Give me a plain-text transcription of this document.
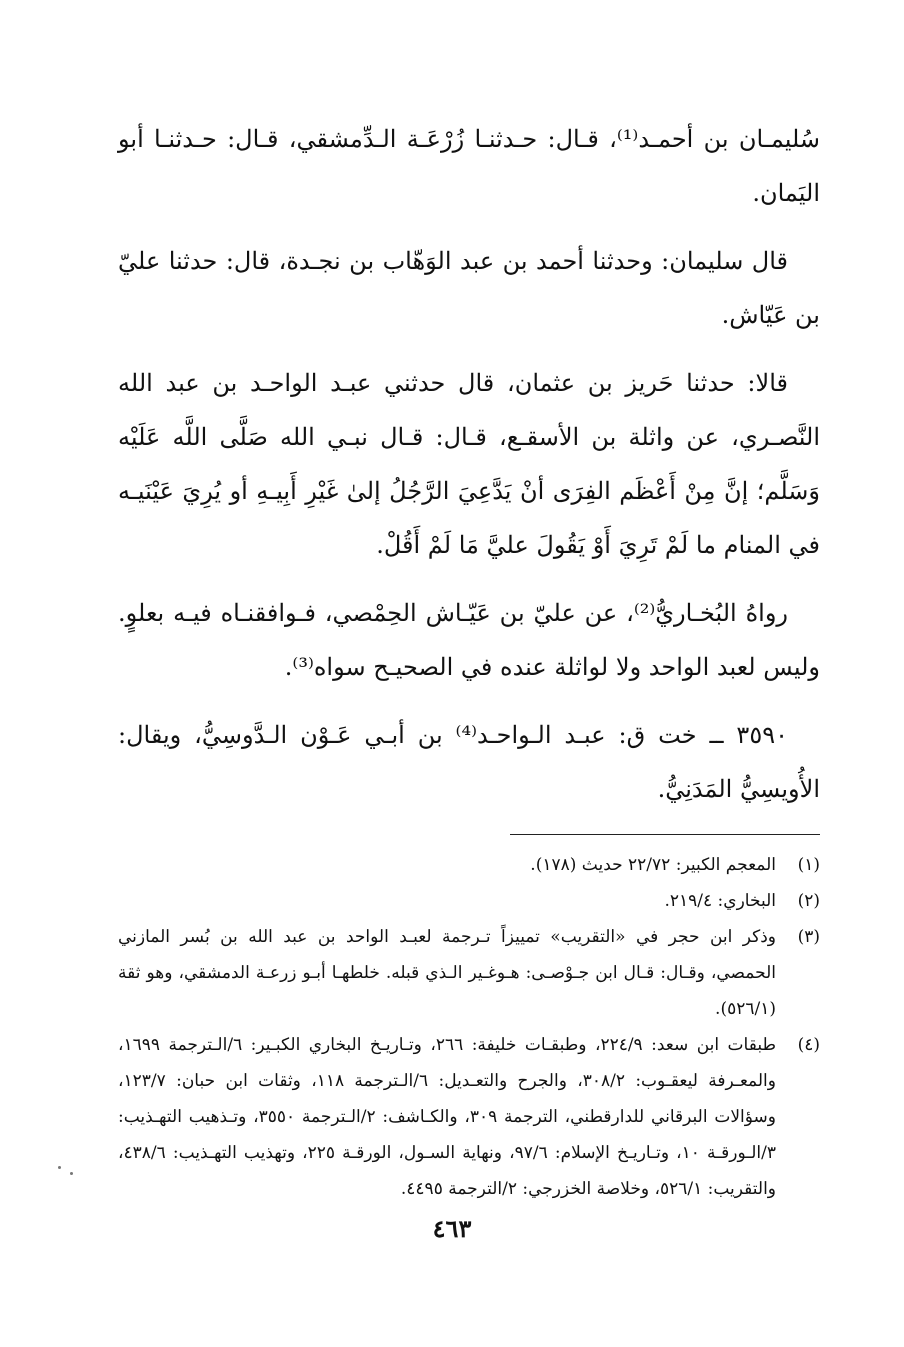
سُليمـان بن أحمـد⁽¹⁾، قـال: حـدثنـا زُرْعَـة الـدِّمشقي، قـال: حـدثنـا أبو اليَمان.

قال سليمان: وحدثنا أحمد بن عبد الوَهّاب بن نجـدة، قال: حدثنا عليّ بن عَيّاش.

قالا: حدثنا حَريز بن عثمان، قال حدثني عبـد الواحـد بن عبد الله النَّصـري، عن واثلة بن الأسقـع، قـال: قـال نبـي الله صَلَّى اللَّه عَلَيْه وَسَلَّم؛ إنَّ مِنْ أَعْظَم الفِرَى أنْ يَدَّعِيَ الرَّجُلُ إلىٰ غَيْرِ أَبِيـهِ أو يُرِيَ عَيْنَيـه في المنام ما لَمْ تَرِيَ أَوْ يَقُولَ عليَّ مَا لَمْ أَقُلْ.

رواهُ البُخـاريُّ⁽²⁾، عن عليّ بن عَيّـاش الحِمْصي، فـوافقنـاه فيـه بعلوٍ. وليس لعبد الواحد ولا لواثلة عنده في الصحيـح سواه⁽³⁾.

٣٥٩٠ ــ خت ق: عبـد الـواحـد⁽⁴⁾ بن أبـي عَـوْن الـدَّوسِيُّ، ويقال: الأُويسِيُّ المَدَنِيُّ.

(١)
المعجم الكبير: ٢٢/٧٢ حديث (١٧٨).
(٢)
البخاري: ٢١٩/٤.
(٣)
وذكر ابن حجر في «التقريب» تمييزاً تـرجمة لعبـد الواحد بن عبد الله بن بُسر المازني الحمصي، وقـال: قـال ابن جـوْصـى: هـوغـير الـذي قبله. خلطهـا أبـو زرعـة الدمشقي، وهو ثقة (٥٢٦/١).
(٤)
طبقات ابن سعد: ٢٢٤/٩، وطبقـات خليفة: ٢٦٦، وتـاريـخ البخاري الكبـير: ٦/الـترجمة ١٦٩٩، والمعـرفة ليعقـوب: ٣٠٨/٢، والجرح والتعـديل: ٦/الـترجمة ١١٨، وثقات ابن حبان: ١٢٣/٧، وسؤالات البرقاني للدارقطني، الترجمة ٣٠٩، والكـاشف: ٢/الـترجمة ٣٥٥٠، وتـذهيب التهـذيب: ٣/الـورقـة ١٠، وتـاريـخ الإسلام: ٩٧/٦، ونهاية السـول، الورقـة ٢٢٥، وتهذيب التهـذيب: ٤٣٨/٦، والتقريب: ٥٢٦/١، وخلاصة الخزرجي: ٢/الترجمة ٤٤٩٥.
٤٦٣
